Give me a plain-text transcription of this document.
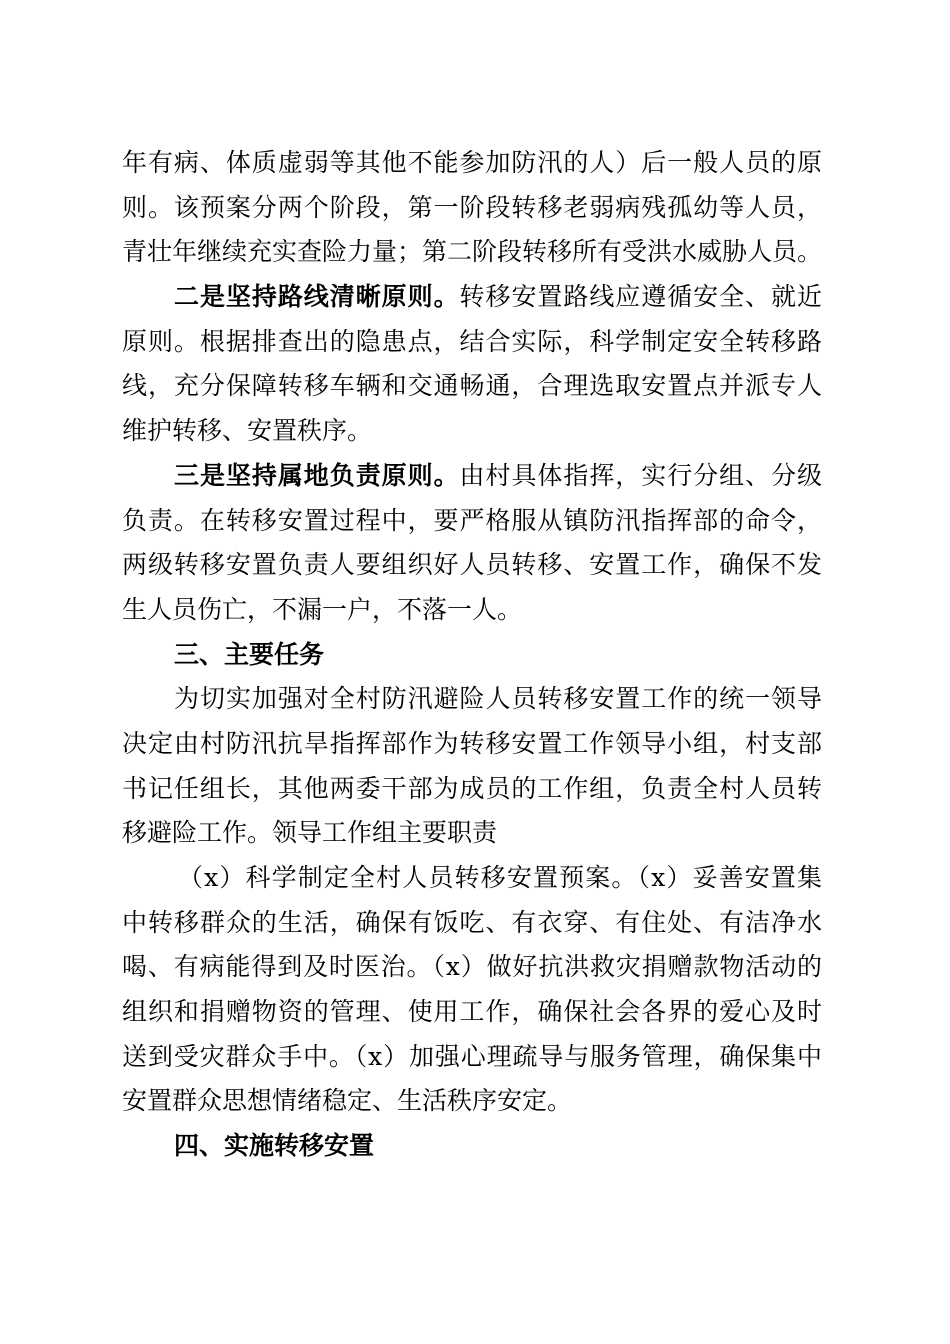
年有病、体质虚弱等其他不能参加防汛的人）后一般人员的原
则。该预案分两个阶段，第一阶段转移老弱病残孤幼等人员，
青壮年继续充实查险力量；第二阶段转移所有受洪水威胁人员。
二是坚持路线清晰原则。转移安置路线应遵循安全、就近
原则。根据排查出的隐患点，结合实际，科学制定安全转移路
线，充分保障转移车辆和交通畅通，合理选取安置点并派专人
维护转移、安置秩序。
三是坚持属地负责原则。由村具体指挥，实行分组、分级
负责。在转移安置过程中，要严格服从镇防汛指挥部的命令，
两级转移安置负责人要组织好人员转移、安置工作，确保不发
生人员伤亡，不漏一户，不落一人。
三、主要任务
为切实加强对全村防汛避险人员转移安置工作的统一领导
决定由村防汛抗旱指挥部作为转移安置工作领导小组，村支部
书记任组长，其他两委干部为成员的工作组，负责全村人员转
移避险工作。领导工作组主要职责
（x）科学制定全村人员转移安置预案。（x）妥善安置集
中转移群众的生活，确保有饭吃、有衣穿、有住处、有洁净水
喝、有病能得到及时医治。（x）做好抗洪救灾捐赠款物活动的
组织和捐赠物资的管理、使用工作，确保社会各界的爱心及时
送到受灾群众手中。（x）加强心理疏导与服务管理，确保集中
安置群众思想情绪稳定、生活秩序安定。
四、实施转移安置
